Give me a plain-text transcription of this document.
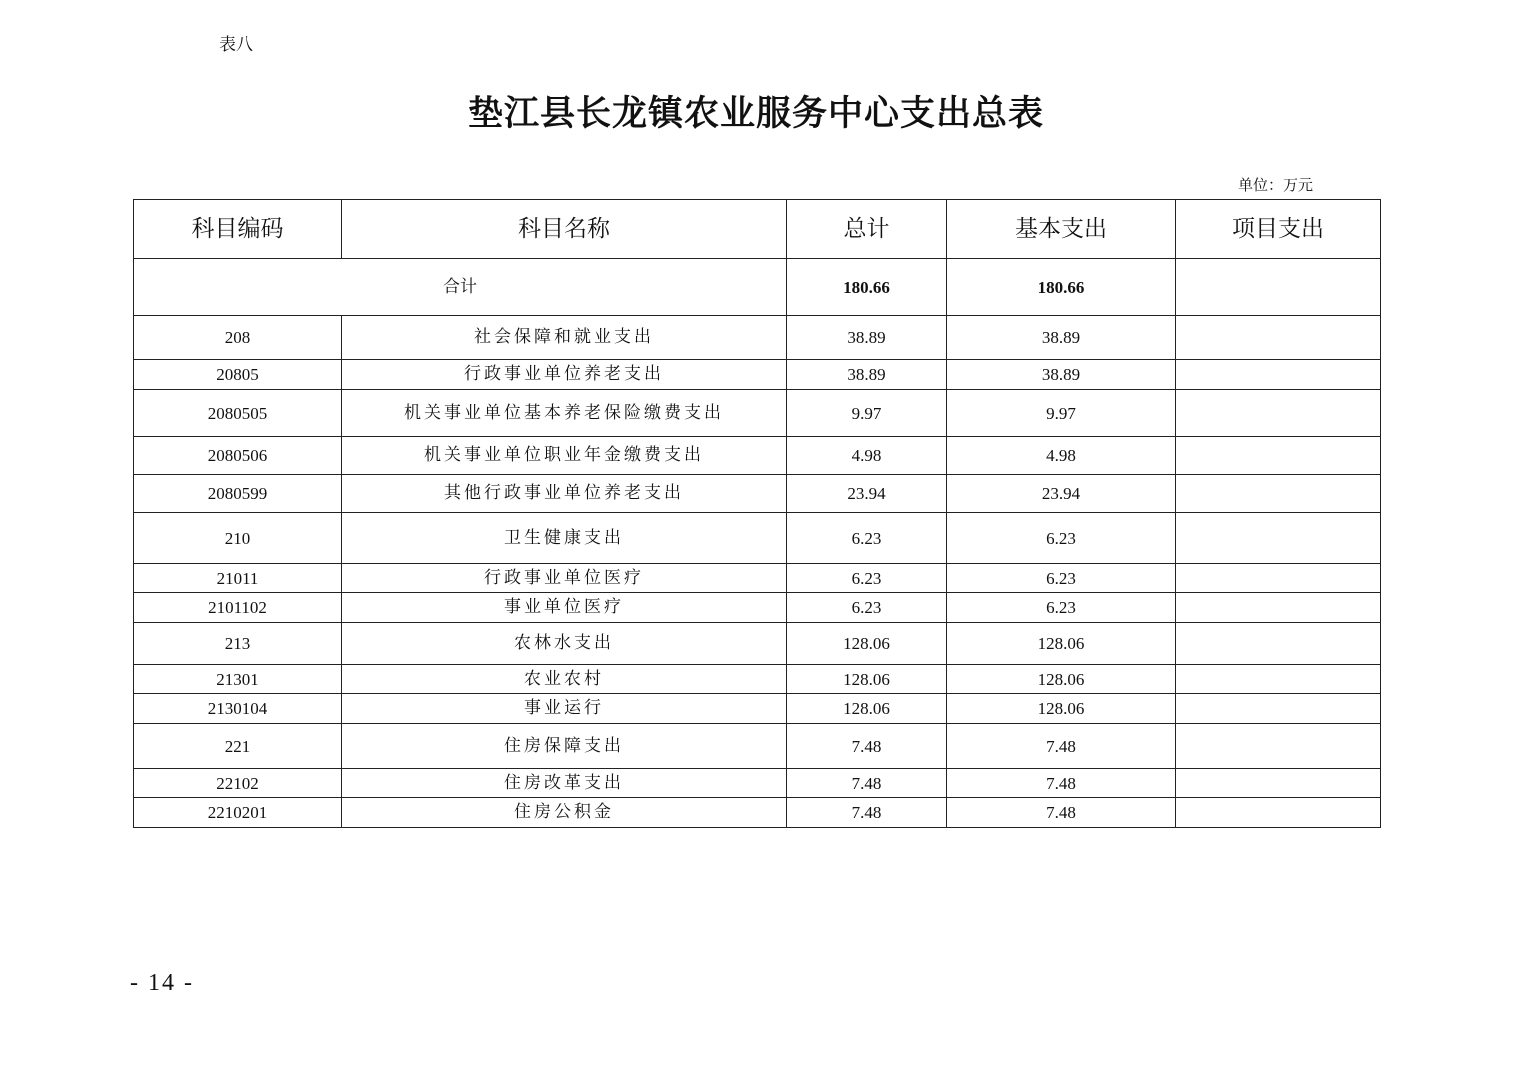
表八
垫江县长龙镇农业服务中心支出总表
单位：万元
科目编码	科目名称	总计	基本支出	项目支出
合计		180.66	180.66	
208	社会保障和就业支出	38.89	38.89	
20805	行政事业单位养老支出	38.89	38.89	
2080505	机关事业单位基本养老保险缴费支出	9.97	9.97	
2080506	机关事业单位职业年金缴费支出	4.98	4.98	
2080599	其他行政事业单位养老支出	23.94	23.94	
210	卫生健康支出	6.23	6.23	
21011	行政事业单位医疗	6.23	6.23	
2101102	事业单位医疗	6.23	6.23	
213	农林水支出	128.06	128.06	
21301	农业农村	128.06	128.06	
2130104	事业运行	128.06	128.06	
221	住房保障支出	7.48	7.48	
22102	住房改革支出	7.48	7.48	
2210201	住房公积金	7.48	7.48	
- 14 -
